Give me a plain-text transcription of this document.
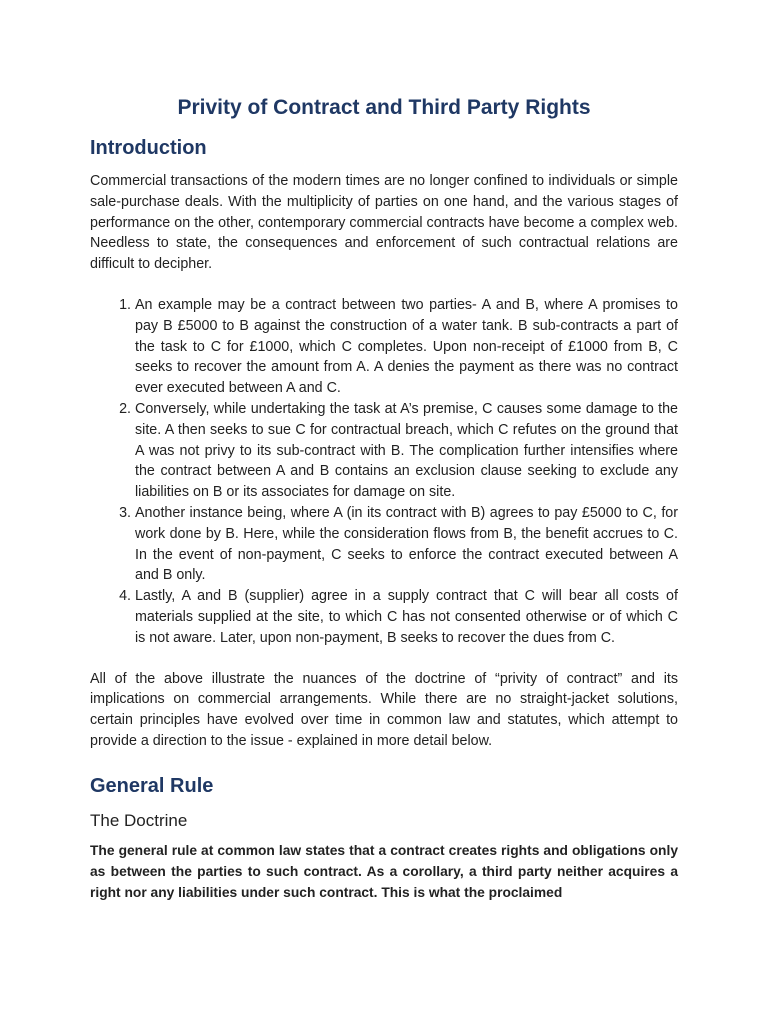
Privity of Contract and Third Party Rights
Introduction

Commercial transactions of the modern times are no longer confined to individuals or simple sale-purchase deals. With the multiplicity of parties on one hand, and the various stages of performance on the other, contemporary commercial contracts have become a complex web. Needless to state, the consequences and enforcement of such contractual relations are difficult to decipher.

1. An example may be a contract between two parties- A and B, where A promises to pay B £5000 to B against the construction of a water tank. B sub-contracts a part of the task to C for £1000, which C completes. Upon non-receipt of £1000 from B, C seeks to recover the amount from A. A denies the payment as there was no contract ever executed between A and C.
2. Conversely, while undertaking the task at A’s premise, C causes some damage to the site. A then seeks to sue C for contractual breach, which C refutes on the ground that A was not privy to its sub-contract with B. The complication further intensifies where the contract between A and B contains an exclusion clause seeking to exclude any liabilities on B or its associates for damage on site.
3. Another instance being, where A (in its contract with B) agrees to pay £5000 to C, for work done by B. Here, while the consideration flows from B, the benefit accrues to C. In the event of non-payment, C seeks to enforce the contract executed between A and B only.
4. Lastly, A and B (supplier) agree in a supply contract that C will bear all costs of materials supplied at the site, to which C has not consented otherwise or of which C is not aware. Later, upon non-payment, B seeks to recover the dues from C.

All of the above illustrate the nuances of the doctrine of “privity of contract” and its implications on commercial arrangements. While there are no straight-jacket solutions, certain principles have evolved over time in common law and statutes, which attempt to provide a direction to the issue - explained in more detail below.

General Rule
The Doctrine

The general rule at common law states that a contract creates rights and obligations only as between the parties to such contract. As a corollary, a third party neither acquires a right nor any liabilities under such contract. This is what the proclaimed
